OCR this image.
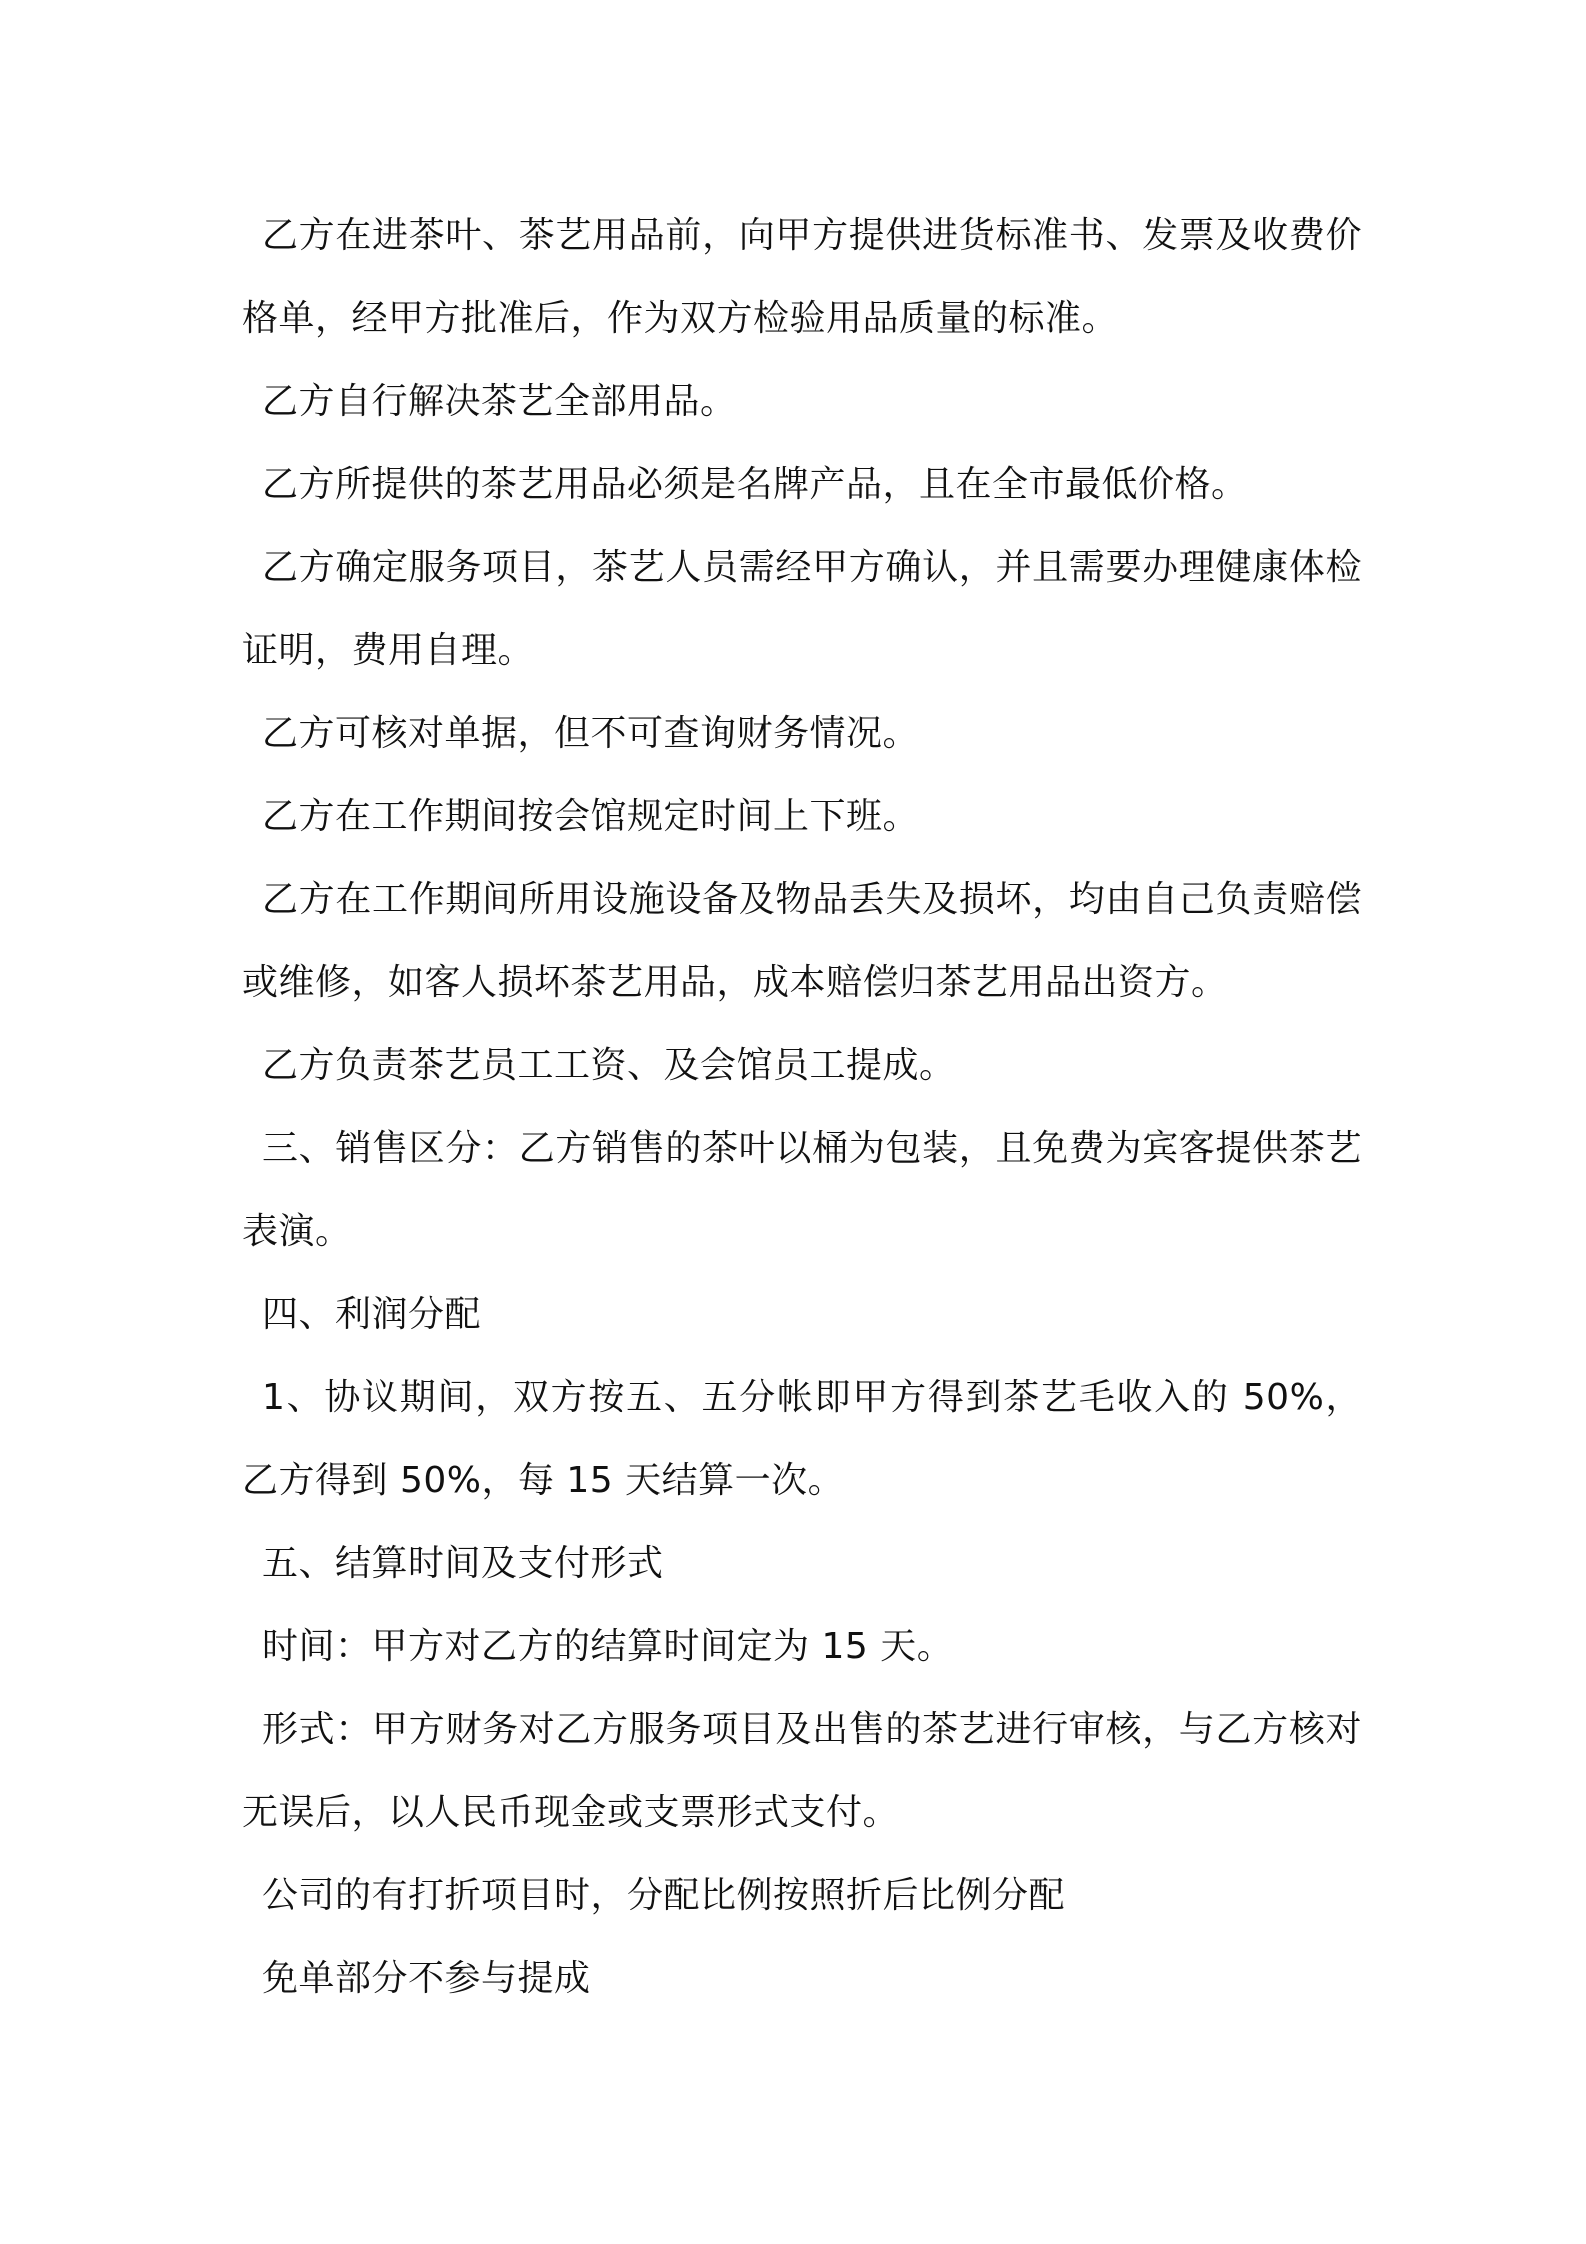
乙方在进茶叶、茶艺用品前，向甲方提供进货标准书、发票及收费价格单，经甲方批准后，作为双方检验用品质量的标准。

乙方自行解决茶艺全部用品。

乙方所提供的茶艺用品必须是名牌产品，且在全市最低价格。

乙方确定服务项目，茶艺人员需经甲方确认，并且需要办理健康体检证明，费用自理。

乙方可核对单据，但不可查询财务情况。

乙方在工作期间按会馆规定时间上下班。

乙方在工作期间所用设施设备及物品丢失及损坏，均由自己负责赔偿或维修，如客人损坏茶艺用品，成本赔偿归茶艺用品出资方。

乙方负责茶艺员工工资、及会馆员工提成。

三、销售区分：乙方销售的茶叶以桶为包装，且免费为宾客提供茶艺表演。

四、利润分配

1、协议期间，双方按五、五分帐即甲方得到茶艺毛收入的 50%，乙方得到 50%，每 15 天结算一次。

五、结算时间及支付形式

时间：甲方对乙方的结算时间定为 15 天。

形式：甲方财务对乙方服务项目及出售的茶艺进行审核，与乙方核对无误后，以人民币现金或支票形式支付。

公司的有打折项目时，分配比例按照折后比例分配

免单部分不参与提成
